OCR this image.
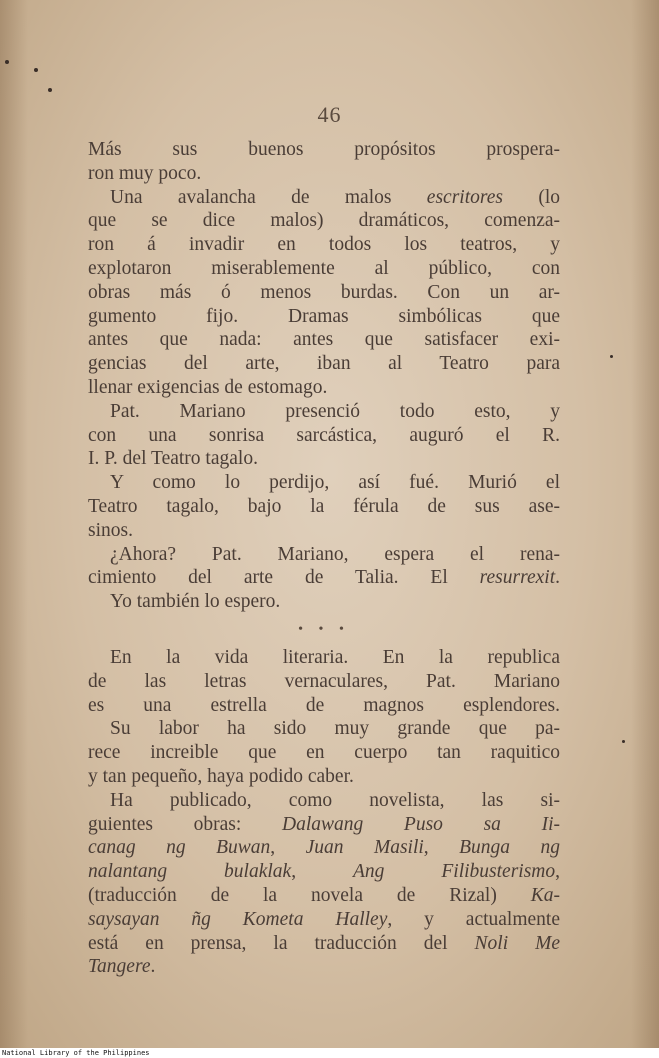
46
Más sus buenos propósitos prospera-
ron muy poco.
Una avalancha de malos escritores (lo
que se dice malos) dramáticos, comenza-
ron á invadir en todos los teatros, y
explotaron miserablemente al público, con
obras más ó menos burdas. Con un ar-
gumento fijo. Dramas simbólicas que
antes que nada: antes que satisfacer exi-
gencias del arte, iban al Teatro para
llenar exigencias de estomago.
Pat. Mariano presenció todo esto, y
con una sonrisa sarcástica, auguró el R.
I. P. del Teatro tagalo.
Y como lo perdijo, así fué. Murió el
Teatro tagalo, bajo la férula de sus ase-
sinos.
¿Ahora? Pat. Mariano, espera el rena-
cimiento del arte de Talia. El resurrexit.
Yo también lo espero.
• • •
En la vida literaria. En la republica
de las letras vernaculares, Pat. Mariano
es una estrella de magnos esplendores.
Su labor ha sido muy grande que pa-
rece increible que en cuerpo tan raquitico
y tan pequeño, haya podido caber.
Ha publicado, como novelista, las si-
guientes obras: Dalawang Puso sa Ii-
canag ng Buwan, Juan Masili, Bunga ng
nalantang bulaklak, Ang Filibusterismo,
(traducción de la novela de Rizal) Ka-
saysayan ñg Kometa Halley, y actualmente
está en prensa, la traducción del Noli Me
Tangere.
National Library of the Philippines
